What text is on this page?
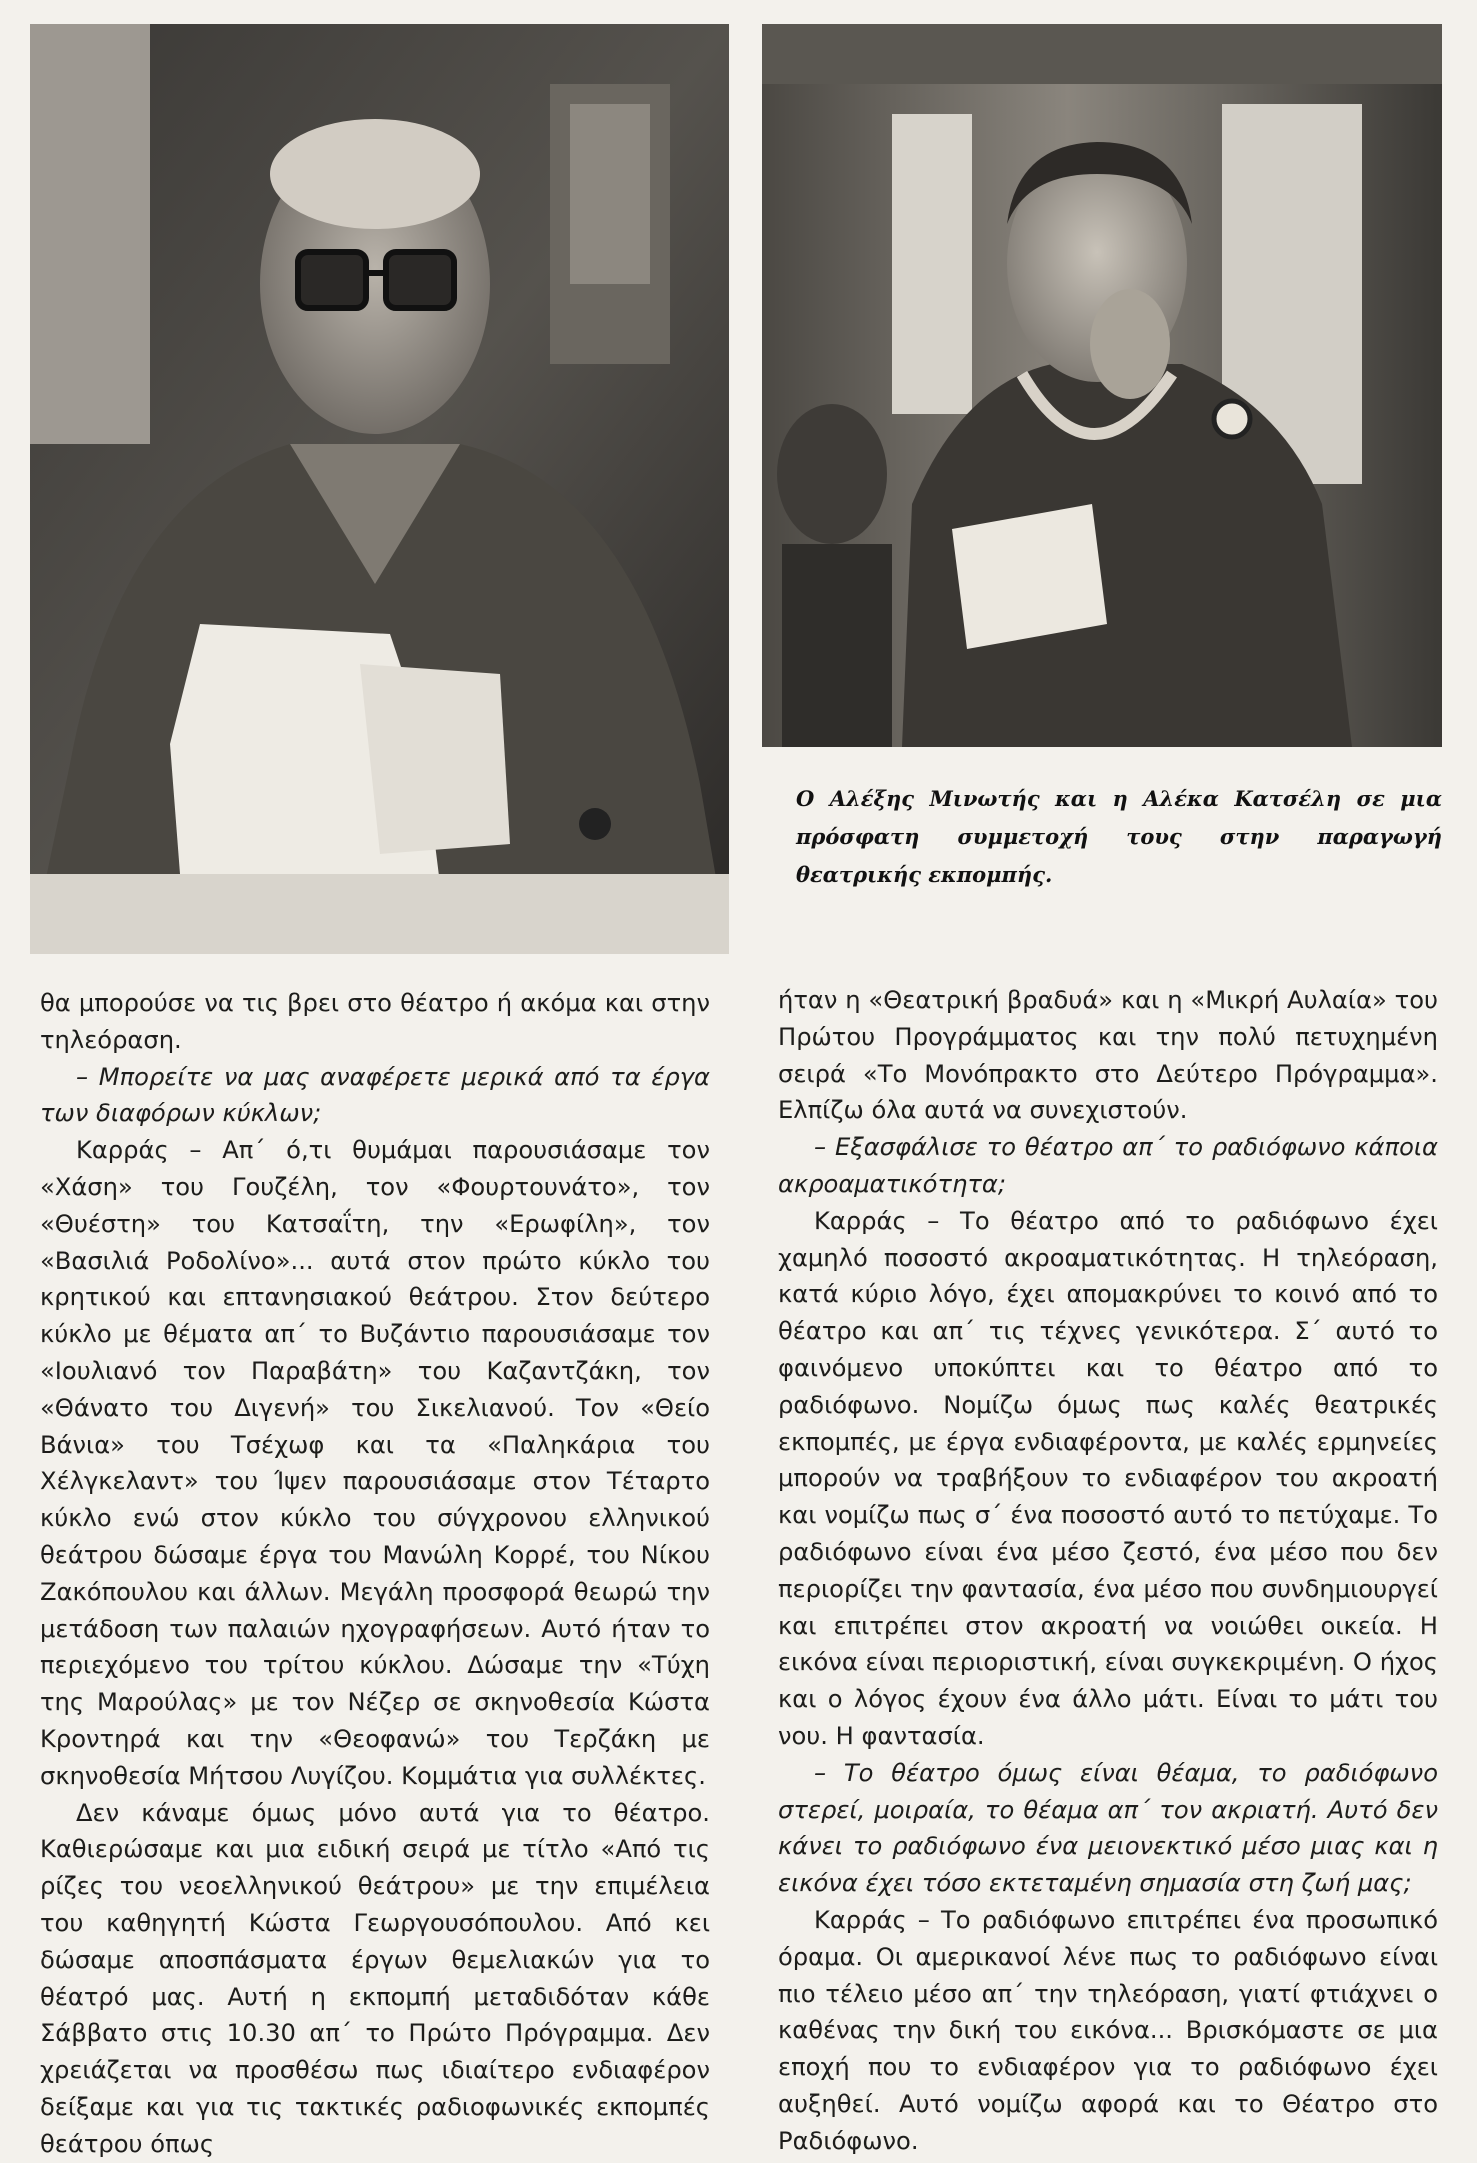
Ο Αλέξης Μινωτής και η Αλέκα Κατσέλη σε μια πρόσφατη συμμετοχή τους στην παραγωγή θεατρικής εκπομπής.

θα μπορούσε να τις βρει στο θέατρο ή ακόμα και στην τηλεόραση.

– Μπορείτε να μας αναφέρετε μερικά από τα έργα των διαφόρων κύκλων;

Καρράς – Απ΄ ό,τι θυμάμαι παρουσιάσαμε τον «Χάση» του Γουζέλη, τον «Φουρτουνάτο», τον «Θυέστη» του Κατσαΐτη, την «Ερωφίλη», τον «Βασιλιά Ροδολίνο»... αυτά στον πρώτο κύκλο του κρητικού και επτανησιακού θεάτρου. Στον δεύτερο κύκλο με θέματα απ΄ το Βυζάντιο παρουσιάσαμε τον «Ιουλιανό τον Παραβάτη» του Καζαντζάκη, τον «Θάνατο του Διγενή» του Σικελιανού. Τον «Θείο Βάνια» του Τσέχωφ και τα «Παληκάρια του Χέλγκελαντ» του Ίψεν παρουσιάσαμε στον Τέταρτο κύκλο ενώ στον κύκλο του σύγχρονου ελληνικού θεάτρου δώσαμε έργα του Μανώλη Κορρέ, του Νίκου Ζακόπουλου και άλλων. Μεγάλη προσφορά θεωρώ την μετάδοση των παλαιών ηχογραφήσεων. Αυτό ήταν το περιεχόμενο του τρίτου κύκλου. Δώσαμε την «Τύχη της Μαρούλας» με τον Νέζερ σε σκηνοθεσία Κώστα Κροντηρά και την «Θεοφανώ» του Τερζάκη με σκηνοθεσία Μήτσου Λυγίζου. Κομμάτια για συλλέκτες.

Δεν κάναμε όμως μόνο αυτά για το θέατρο. Καθιερώσαμε και μια ειδική σειρά με τίτλο «Από τις ρίζες του νεοελληνικού θεάτρου» με την επιμέλεια του καθηγητή Κώστα Γεωργουσόπουλου. Από κει δώσαμε αποσπάσματα έργων θεμελιακών για το θέατρό μας. Αυτή η εκπομπή μεταδιδόταν κάθε Σάββατο στις 10.30 απ΄ το Πρώτο Πρόγραμμα. Δεν χρειάζεται να προσθέσω πως ιδιαίτερο ενδιαφέρον δείξαμε και για τις τακτικές ραδιοφωνικές εκπομπές θεάτρου όπως

ήταν η «Θεατρική βραδυά» και η «Μικρή Αυλαία» του Πρώτου Προγράμματος και την πολύ πετυχημένη σειρά «Το Μονόπρακτο στο Δεύτερο Πρόγραμμα». Ελπίζω όλα αυτά να συνεχιστούν.

– Εξασφάλισε το θέατρο απ΄ το ραδιόφωνο κάποια ακροαματικότητα;

Καρράς – Το θέατρο από το ραδιόφωνο έχει χαμηλό ποσοστό ακροαματικότητας. Η τηλεόραση, κατά κύριο λόγο, έχει απομακρύνει το κοινό από το θέατρο και απ΄ τις τέχνες γενικότερα. Σ΄ αυτό το φαινόμενο υποκύπτει και το θέατρο από το ραδιόφωνο. Νομίζω όμως πως καλές θεατρικές εκπομπές, με έργα ενδιαφέροντα, με καλές ερμηνείες μπορούν να τραβήξουν το ενδιαφέρον του ακροατή και νομίζω πως σ΄ ένα ποσοστό αυτό το πετύχαμε. Το ραδιόφωνο είναι ένα μέσο ζεστό, ένα μέσο που δεν περιορίζει την φαντασία, ένα μέσο που συνδημιουργεί και επιτρέπει στον ακροατή να νοιώθει οικεία. Η εικόνα είναι περιοριστική, είναι συγκεκριμένη. Ο ήχος και ο λόγος έχουν ένα άλλο μάτι. Είναι το μάτι του νου. Η φαντασία.

– Το θέατρο όμως είναι θέαμα, το ραδιόφωνο στερεί, μοιραία, το θέαμα απ΄ τον ακριατή. Αυτό δεν κάνει το ραδιόφωνο ένα μειονεκτικό μέσο μιας και η εικόνα έχει τόσο εκτεταμένη σημασία στη ζωή μας;

Καρράς – Το ραδιόφωνο επιτρέπει ένα προσωπικό όραμα. Οι αμερικανοί λένε πως το ραδιόφωνο είναι πιο τέλειο μέσο απ΄ την τηλεόραση, γιατί φτιάχνει ο καθένας την δική του εικόνα... Βρισκόμαστε σε μια εποχή που το ενδιαφέρον για το ραδιόφωνο έχει αυξηθεί. Αυτό νομίζω αφορά και το Θέατρο στο Ραδιόφωνο.
